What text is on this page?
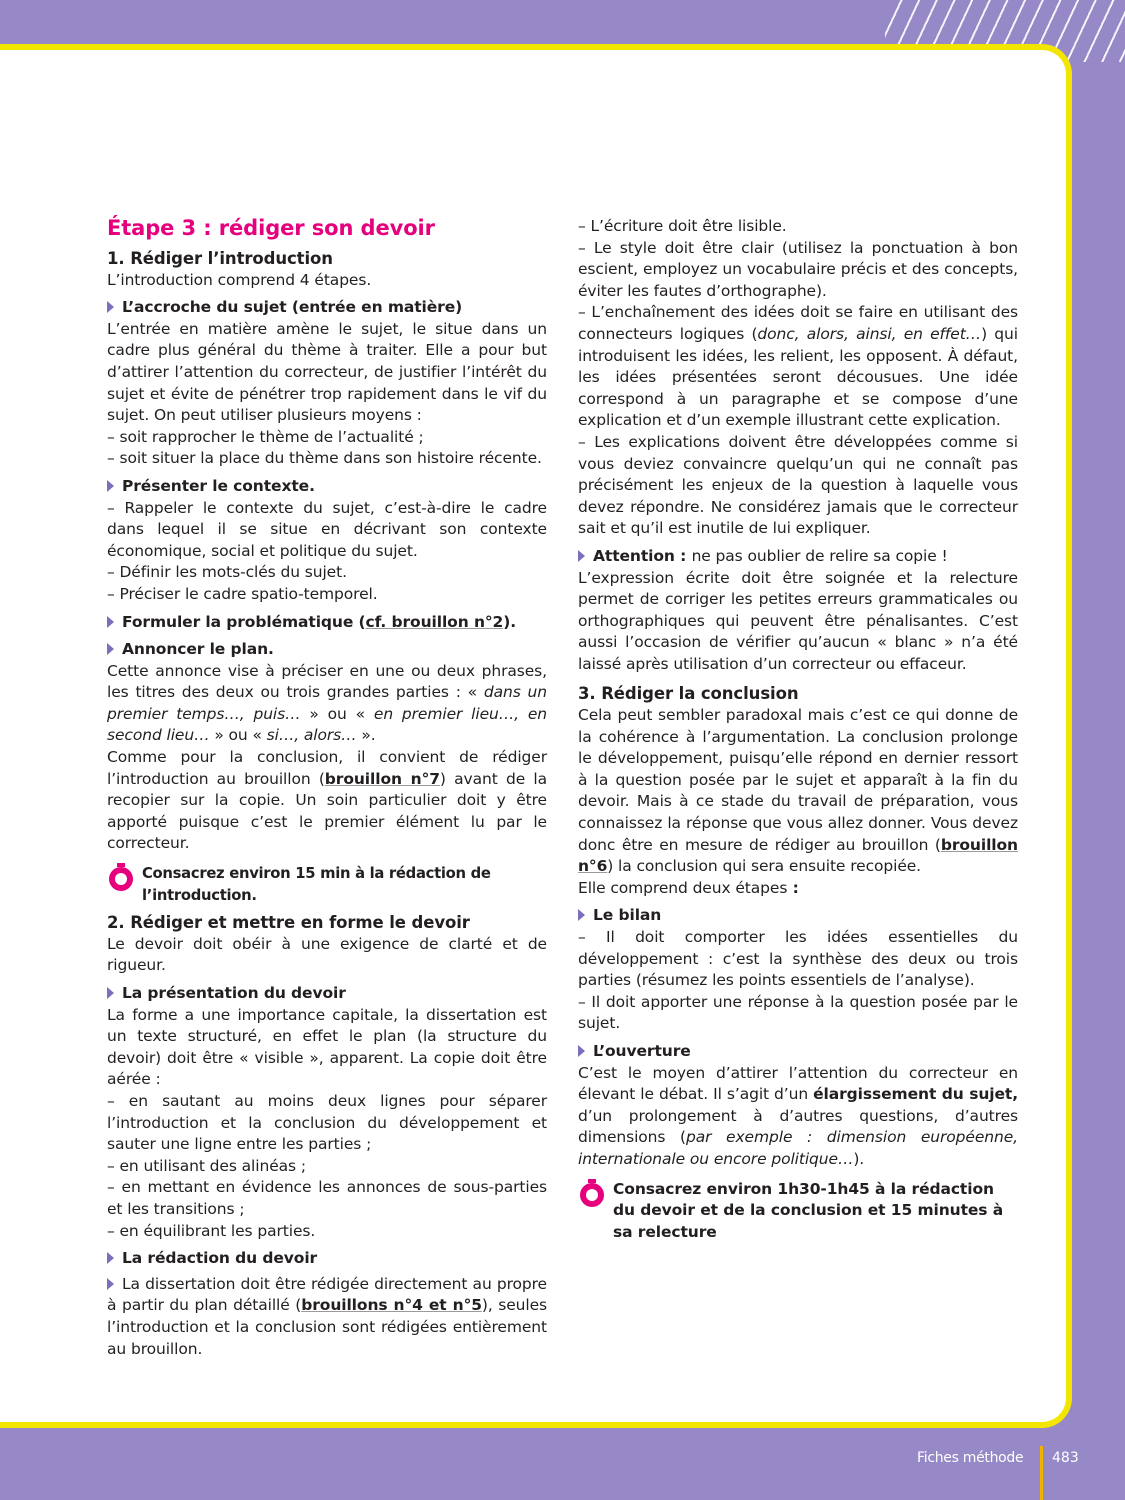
Étape 3 : rédiger son devoir

1. Rédiger l’introduction

L’introduction comprend 4 étapes.

L’accroche du sujet (entrée en matière)

L’entrée en matière amène le sujet, le situe dans un cadre plus général du thème à traiter. Elle a pour but d’attirer l’attention du correcteur, de justifier l’intérêt du sujet et évite de pénétrer trop rapidement dans le vif du sujet. On peut utiliser plusieurs moyens :

– soit rapprocher le thème de l’actualité ;

– soit situer la place du thème dans son histoire récente.

Présenter le contexte.

– Rappeler le contexte du sujet, c’est-à-dire le cadre dans lequel il se situe en décrivant son contexte économique, social et politique du sujet.

– Définir les mots-clés du sujet.

– Préciser le cadre spatio-temporel.

Formuler la problématique (cf. brouillon n°2).

Annoncer le plan.

Cette annonce vise à préciser en une ou deux phrases, les titres des deux ou trois grandes parties : « dans un premier temps…, puis… » ou « en premier lieu…, en second lieu… » ou « si…, alors… ».

Comme pour la conclusion, il convient de rédiger l’introduction au brouillon (brouillon n°7) avant de la recopier sur la copie. Un soin particulier doit y être apporté puisque c’est le premier élément lu par le correcteur.

Consacrez environ 15 min à la rédaction de l’introduction.

2. Rédiger et mettre en forme le devoir

Le devoir doit obéir à une exigence de clarté et de rigueur.

La présentation du devoir

La forme a une importance capitale, la dissertation est un texte structuré, en effet le plan (la structure du devoir) doit être « visible », apparent. La copie doit être aérée :

– en sautant au moins deux lignes pour séparer l’introduction et la conclusion du développement et sauter une ligne entre les parties ;

– en utilisant des alinéas ;

– en mettant en évidence les annonces de sous-parties et les transitions ;

– en équilibrant les parties.

La rédaction du devoir

La dissertation doit être rédigée directement au propre à partir du plan détaillé (brouillons n°4 et n°5), seules l’introduction et la conclusion sont rédigées entièrement au brouillon.

– L’écriture doit être lisible.

– Le style doit être clair (utilisez la ponctuation à bon escient, employez un vocabulaire précis et des concepts, éviter les fautes d’orthographe).

– L’enchaînement des idées doit se faire en utilisant des connecteurs logiques (donc, alors, ainsi, en effet…) qui introduisent les idées, les relient, les opposent. À défaut, les idées présentées seront décousues. Une idée correspond à un paragraphe et se compose d’une explication et d’un exemple illustrant cette explication.

– Les explications doivent être développées comme si vous deviez convaincre quelqu’un qui ne connaît pas précisément les enjeux de la question à laquelle vous devez répondre. Ne considérez jamais que le correcteur sait et qu’il est inutile de lui expliquer.

Attention : ne pas oublier de relire sa copie !

L’expression écrite doit être soignée et la relecture permet de corriger les petites erreurs grammaticales ou orthographiques qui peuvent être pénalisantes. C’est aussi l’occasion de vérifier qu’aucun « blanc » n’a été laissé après utilisation d’un correcteur ou effaceur.

3. Rédiger la conclusion

Cela peut sembler paradoxal mais c’est ce qui donne de la cohérence à l’argumentation. La conclusion prolonge le développement, puisqu’elle répond en dernier ressort à la question posée par le sujet et apparaît à la fin du devoir. Mais à ce stade du travail de préparation, vous connaissez la réponse que vous allez donner. Vous devez donc être en mesure de rédiger au brouillon (brouillon n°6) la conclusion qui sera ensuite recopiée.

Elle comprend deux étapes :

Le bilan

– Il doit comporter les idées essentielles du développement : c’est la synthèse des deux ou trois parties (résumez les points essentiels de l’analyse).

– Il doit apporter une réponse à la question posée par le sujet.

L’ouverture

C’est le moyen d’attirer l’attention du correcteur en élevant le débat. Il s’agit d’un élargissement du sujet, d’un prolongement à d’autres questions, d’autres dimensions (par exemple : dimension européenne, internationale ou encore politique…).

Consacrez environ 1h30-1h45 à la rédaction du devoir et de la conclusion et 15 minutes à sa relecture
Fiches méthode 483
